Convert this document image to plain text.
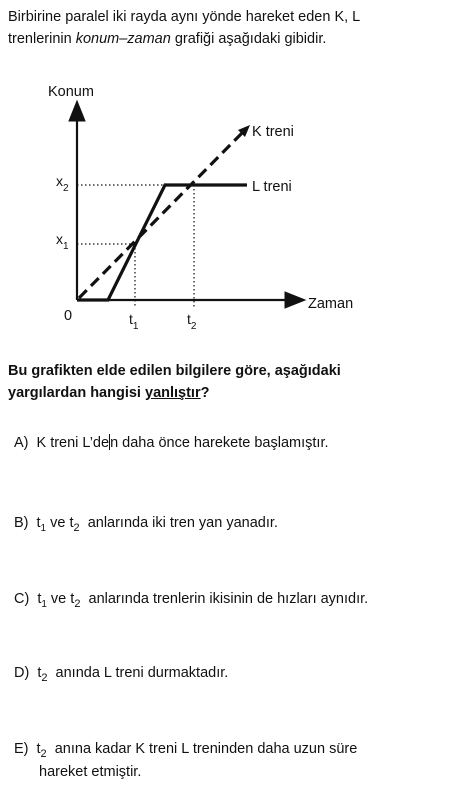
Birbirine paralel iki rayda aynı yönde hareket eden K, L
trenlerinin konum–zaman grafiği aşağıdaki gibidir.
Konum
Zaman
0
K treni
L treni
$x_2$
$x_1$
$t_1$	$t_2$
Bu grafikten elde edilen bilgilere göre, aşağıdaki
yargılardan hangisi yanlıştır?
A) K treni L’den daha önce harekete başlamıştır.
B) $t_1$ ve $t_2$ anlarında iki tren yan yanadır.
C) $t_1$ ve $t_2$ anlarında trenlerin ikisinin de hızları aynıdır.
D) $t_2$ anında L treni durmaktadır.
E) $t_2$ anına kadar K treni L treninden daha uzun süre
hareket etmiştir.
